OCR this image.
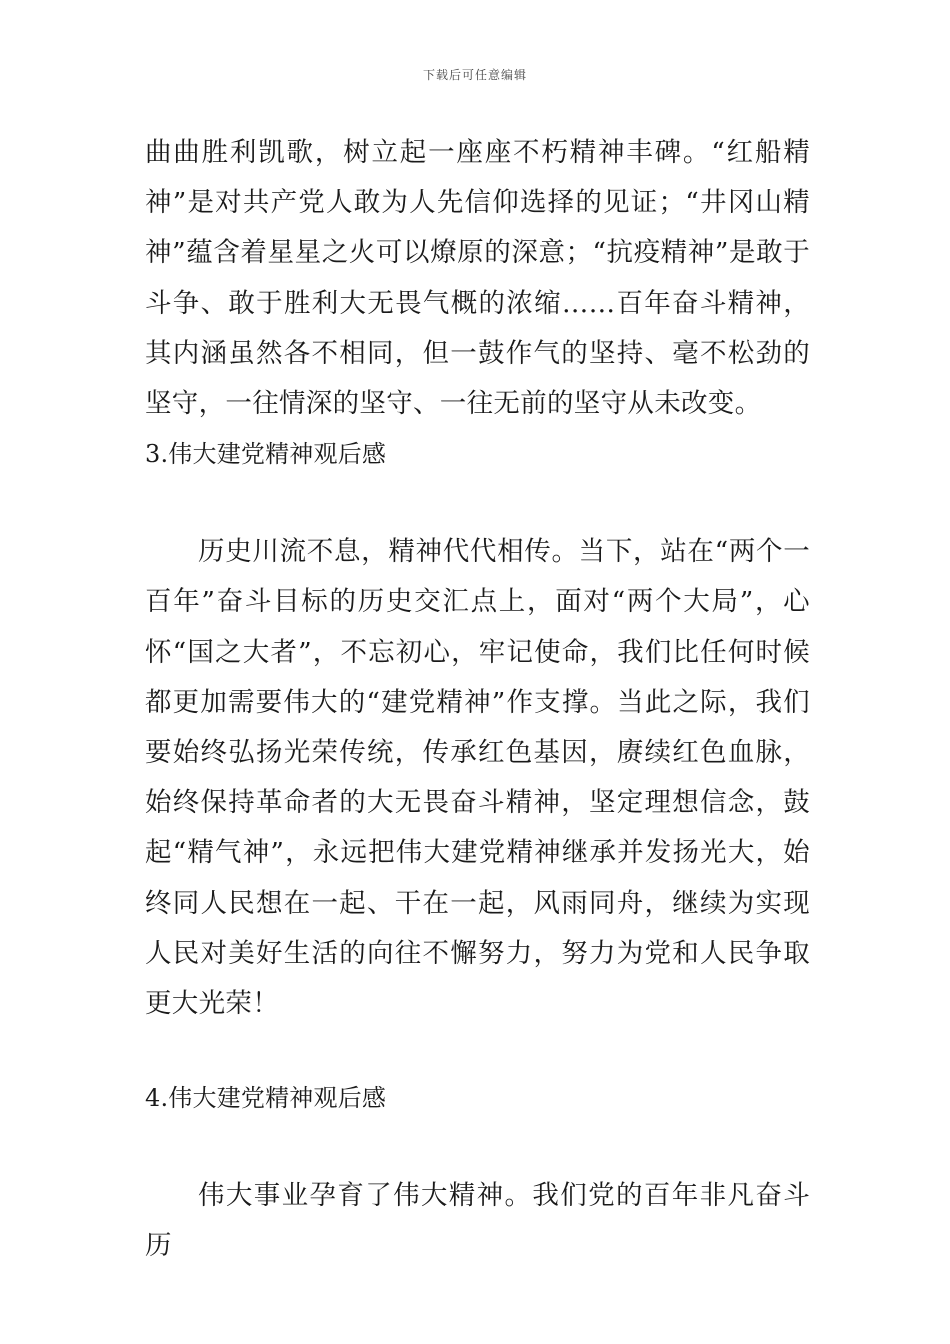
下载后可任意编辑

曲曲胜利凯歌，树立起一座座不朽精神丰碑。“红船精神”是对共产党人敢为人先信仰选择的见证；“井冈山精神”蕴含着星星之火可以燎原的深意；“抗疫精神”是敢于斗争、敢于胜利大无畏气概的浓缩……百年奋斗精神，其内涵虽然各不相同，但一鼓作气的坚持、毫不松劲的坚守，一往情深的坚守、一往无前的坚守从未改变。

3.伟大建党精神观后感

历史川流不息，精神代代相传。当下，站在“两个一百年”奋斗目标的历史交汇点上，面对“两个大局”，心怀“国之大者”，不忘初心，牢记使命，我们比任何时候都更加需要伟大的“建党精神”作支撑。当此之际，我们要始终弘扬光荣传统，传承红色基因，赓续红色血脉，始终保持革命者的大无畏奋斗精神，坚定理想信念，鼓起“精气神”，永远把伟大建党精神继承并发扬光大，始终同人民想在一起、干在一起，风雨同舟，继续为实现人民对美好生活的向往不懈努力，努力为党和人民争取更大光荣！

4.伟大建党精神观后感

伟大事业孕育了伟大精神。我们党的百年非凡奋斗历
